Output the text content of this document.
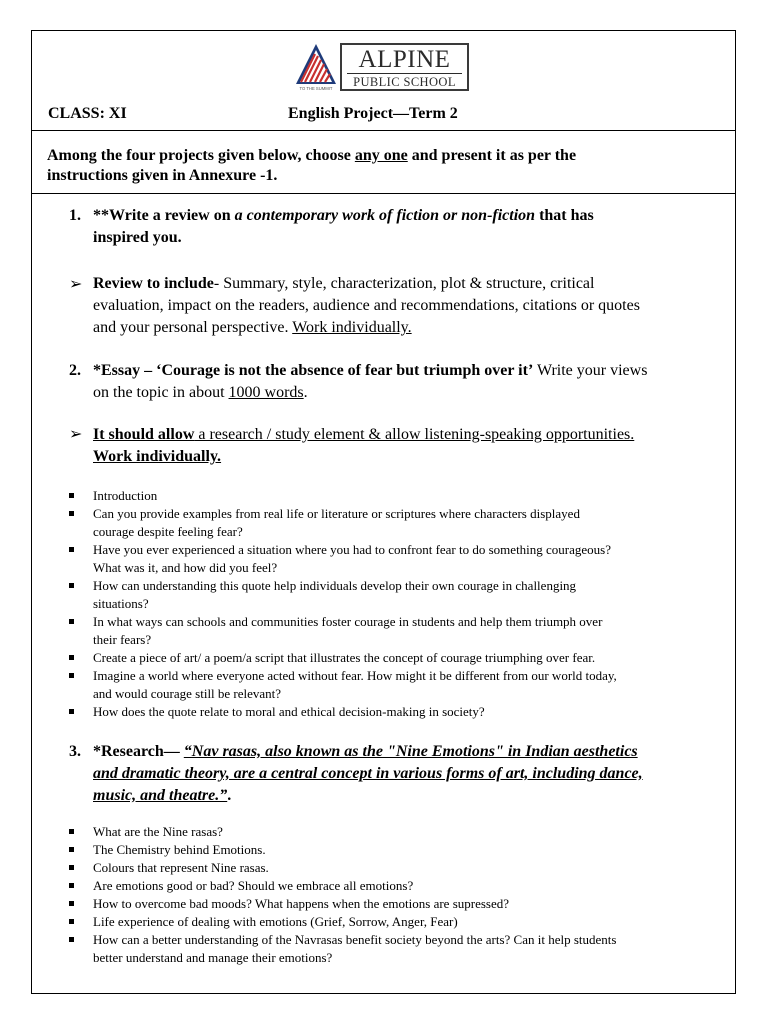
TO THE SUMMIT
ALPINE
PUBLIC SCHOOL
CLASS: XI	English Project—Term 2
Among the four projects given below, choose any one and present it as per the instructions given in Annexure -1.
1. **Write a review on a contemporary work of fiction or non-fiction that has
inspired you.
➢ Review to include- Summary, style, characterization, plot & structure, critical
evaluation, impact on the readers, audience and recommendations, citations or quotes
and your personal perspective. Work individually.
2. *Essay – ‘Courage is not the absence of fear but triumph over it’ Write your views
on the topic in about 1000 words.
➢ It should allow a research / study element & allow listening-speaking opportunities.
Work individually.
Introduction
Can you provide examples from real life or literature or scriptures where characters displayed
courage despite feeling fear?
Have you ever experienced a situation where you had to confront fear to do something courageous?
What was it, and how did you feel?
How can understanding this quote help individuals develop their own courage in challenging
situations?
In what ways can schools and communities foster courage in students and help them triumph over
their fears?
Create a piece of art/ a poem/a script that illustrates the concept of courage triumphing over fear.
Imagine a world where everyone acted without fear. How might it be different from our world today,
and would courage still be relevant?
How does the quote relate to moral and ethical decision-making in society?
3. *Research— “Nav rasas, also known as the "Nine Emotions" in Indian aesthetics
and dramatic theory, are a central concept in various forms of art, including dance,
music, and theatre.”.
What are the Nine rasas?
The Chemistry behind Emotions.
Colours that represent Nine rasas.
Are emotions good or bad? Should we embrace all emotions?
How to overcome bad moods? What happens when the emotions are supressed?
Life experience of dealing with emotions (Grief, Sorrow, Anger, Fear)
How can a better understanding of the Navrasas benefit society beyond the arts? Can it help students
better understand and manage their emotions?
